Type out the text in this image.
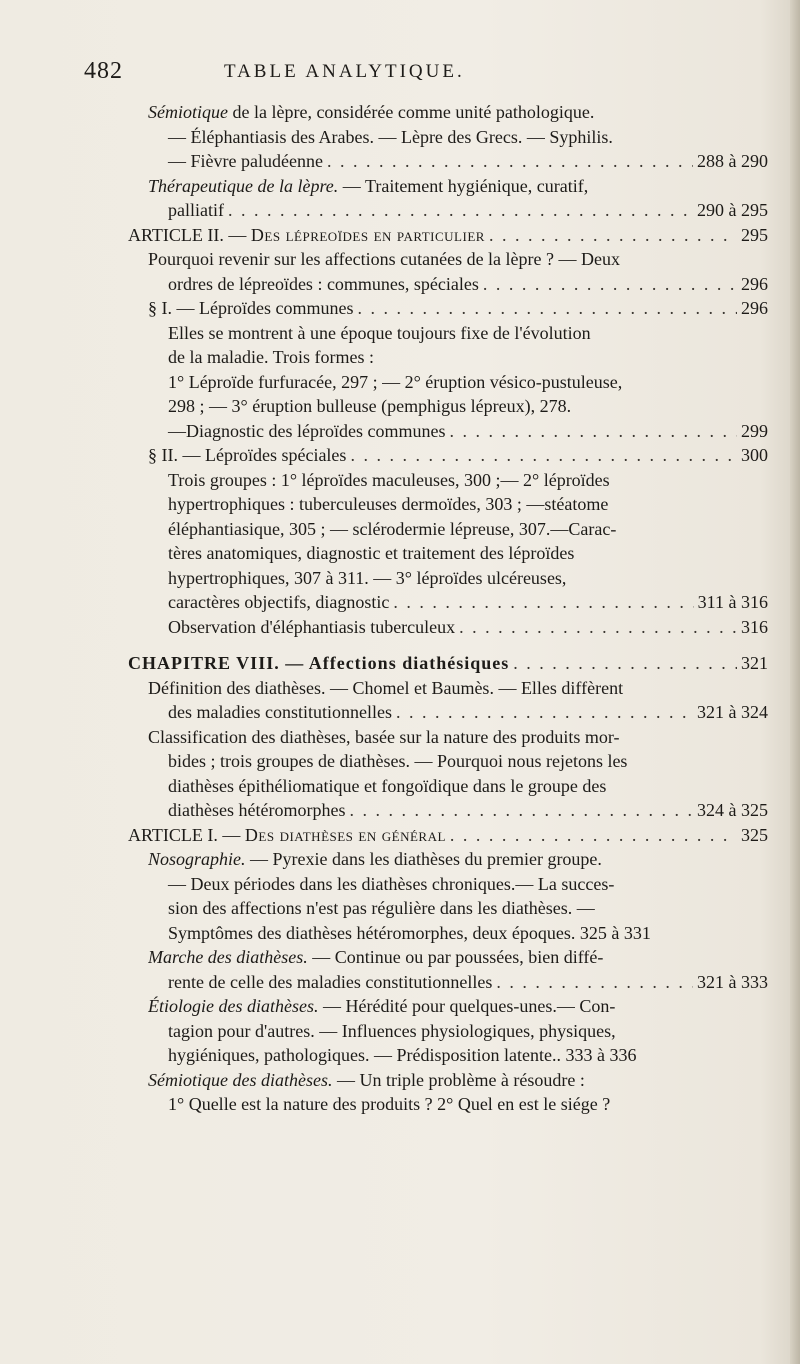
482	TABLE ANALYTIQUE.
Sémiotique de la lèpre, considérée comme unité pathologique.
— Éléphantiasis des Arabes. — Lèpre des Grecs. — Syphilis.
— Fièvre paludéenne . . .	288 à 290
Thérapeutique de la lèpre. — Traitement hygiénique, curatif,
palliatif . . .	290 à 295
ARTICLE II. — Des lépreoïdes en particulier . . .	295
Pourquoi revenir sur les affections cutanées de la lèpre ? — Deux
ordres de lépreoïdes : communes, spéciales . . .	296
§ I. — Léproïdes communes . . .	296
Elles se montrent à une époque toujours fixe de l'évolution
de la maladie. Trois formes :
1° Léproïde furfuracée, 297 ; — 2° éruption vésico-pustuleuse,
298 ; — 3° éruption bulleuse (pemphigus lépreux), 278.
—Diagnostic des léproïdes communes . . .	299
§ II. — Léproïdes spéciales . . .	300
Trois groupes : 1° léproïdes maculeuses, 300 ;— 2° léproïdes
hypertrophiques : tuberculeuses dermoïdes, 303 ; —stéatome
éléphantiasique, 305 ; — sclérodermie lépreuse, 307.—Carac-
tères anatomiques, diagnostic et traitement des léproïdes
hypertrophiques, 307 à 311. — 3° léproïdes ulcéreuses,
caractères objectifs, diagnostic . . .	311 à 316
Observation d'éléphantiasis tuberculeux . . .	316
CHAPITRE VIII. — Affections diathésiques . . .	321
Définition des diathèses. — Chomel et Baumès. — Elles diffèrent
des maladies constitutionnelles . . .	321 à 324
Classification des diathèses, basée sur la nature des produits mor-
bides ; trois groupes de diathèses. — Pourquoi nous rejetons les
diathèses épithéliomatique et fongoïdique dans le groupe des
diathèses hétéromorphes . . .	324 à 325
ARTICLE I. — Des diathèses en général . . .	325
Nosographie. — Pyrexie dans les diathèses du premier groupe.
— Deux périodes dans les diathèses chroniques.— La succes-
sion des affections n'est pas régulière dans les diathèses. —
Symptômes des diathèses hétéromorphes, deux époques. 325 à 331
Marche des diathèses. — Continue ou par poussées, bien diffé-
rente de celle des maladies constitutionnelles . . .	321 à 333
Étiologie des diathèses. — Hérédité pour quelques-unes.— Con-
tagion pour d'autres. — Influences physiologiques, physiques,
hygiéniques, pathologiques. — Prédisposition latente.. 333 à 336
Sémiotique des diathèses. — Un triple problème à résoudre :
1° Quelle est la nature des produits ? 2° Quel en est le siége ?
